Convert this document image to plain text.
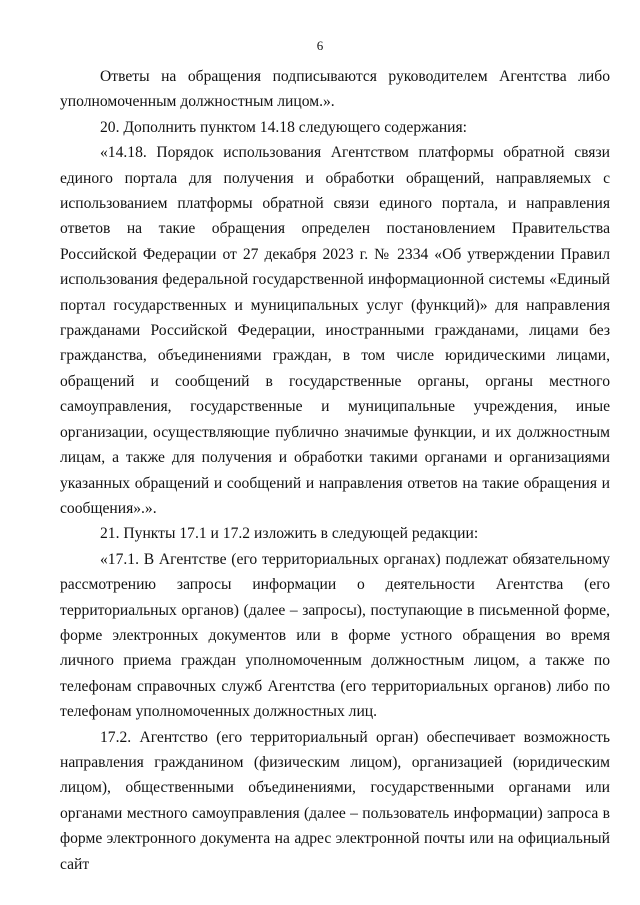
6

Ответы на обращения подписываются руководителем Агентства либо уполномоченным должностным лицом.».

20. Дополнить пунктом 14.18 следующего содержания:

«14.18. Порядок использования Агентством платформы обратной связи единого портала для получения и обработки обращений, направляемых с использованием платформы обратной связи единого портала, и направления ответов на такие обращения определен постановлением Правительства Российской Федерации от 27 декабря 2023 г. № 2334 «Об утверждении Правил использования федеральной государственной информационной системы «Единый портал государственных и муниципальных услуг (функций)» для направления гражданами Российской Федерации, иностранными гражданами, лицами без гражданства, объединениями граждан, в том числе юридическими лицами, обращений и сообщений в государственные органы, органы местного самоуправления, государственные и муниципальные учреждения, иные организации, осуществляющие публично значимые функции, и их должностным лицам, а также для получения и обработки такими органами и организациями указанных обращений и сообщений и направления ответов на такие обращения и сообщения».».

21. Пункты 17.1 и 17.2 изложить в следующей редакции:

«17.1. В Агентстве (его территориальных органах) подлежат обязательному рассмотрению запросы информации о деятельности Агентства (его территориальных органов) (далее – запросы), поступающие в письменной форме, форме электронных документов или в форме устного обращения во время личного приема граждан уполномоченным должностным лицом, а также по телефонам справочных служб Агентства (его территориальных органов) либо по телефонам уполномоченных должностных лиц.

17.2. Агентство (его территориальный орган) обеспечивает возможность направления гражданином (физическим лицом), организацией (юридическим лицом), общественными объединениями, государственными органами или органами местного самоуправления (далее – пользователь информации) запроса в форме электронного документа на адрес электронной почты или на официальный сайт
